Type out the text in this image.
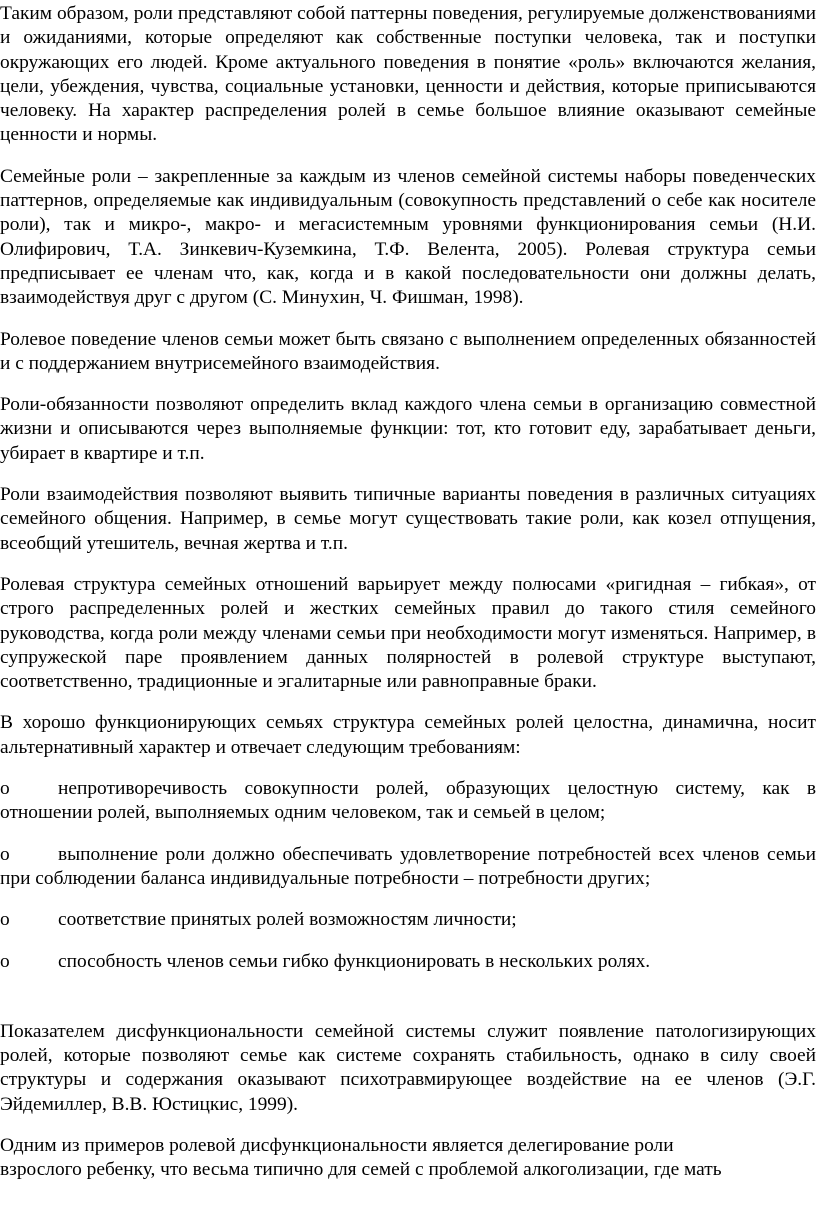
Таким образом, роли представляют собой паттерны поведения, регулируемые долженствованиями и ожиданиями, которые определяют как собственные поступки человека, так и поступки окружающих его людей. Кроме актуального поведения в понятие «роль» включаются желания, цели, убеждения, чувства, социальные установки, ценности и действия, которые приписываются человеку. На характер распределения ролей в семье большое влияние оказывают семейные ценности и нормы.

Семейные роли – закрепленные за каждым из членов семейной системы наборы поведенческих паттернов, определяемые как индивидуальным (совокупность представлений о себе как носителе роли), так и микро-, макро- и мегасистемным уровнями функционирования семьи (Н.И. Олифирович, Т.А. Зинкевич-Куземкина, Т.Ф. Велента, 2005). Ролевая структура семьи предписывает ее членам что, как, когда и в какой последовательности они должны делать, взаимодействуя друг с другом (С. Минухин, Ч. Фишман, 1998).

Ролевое поведение членов семьи может быть связано с выполнением определенных обязанностей и с поддержанием внутрисемейного взаимодействия.

Роли-обязанности позволяют определить вклад каждого члена семьи в организацию совместной жизни и описываются через выполняемые функции: тот, кто готовит еду, зарабатывает деньги, убирает в квартире и т.п.

Роли взаимодействия позволяют выявить типичные варианты поведения в различных ситуациях семейного общения. Например, в семье могут существовать такие роли, как козел отпущения, всеобщий утешитель, вечная жертва и т.п.

Ролевая структура семейных отношений варьирует между полюсами «ригидная – гибкая», от строго распределенных ролей и жестких семейных правил до такого стиля семейного руководства, когда роли между членами семьи при необходимости могут изменяться. Например, в супружеской паре проявлением данных полярностей в ролевой структуре выступают, соответственно, традиционные и эгалитарные или равноправные браки.

В хорошо функционирующих семьях структура семейных ролей целостна, динамична, носит альтернативный характер и отвечает следующим требованиям:

o непротиворечивость совокупности ролей, образующих целостную систему, как в отношении ролей, выполняемых одним человеком, так и семьей в целом;
o выполнение роли должно обеспечивать удовлетворение потребностей всех членов семьи при соблюдении баланса индивидуальные потребности – потребности других;
o соответствие принятых ролей возможностям личности;
o способность членов семьи гибко функционировать в нескольких ролях.

Показателем дисфункциональности семейной системы служит появление патологизирующих ролей, которые позволяют семье как системе сохранять стабильность, однако в силу своей структуры и содержания оказывают психотравмирующее воздействие на ее членов (Э.Г. Эйдемиллер, В.В. Юстицкис, 1999).

Одним из примеров ролевой дисфункциональности является делегирование роли
взрослого ребенку, что весьма типично для семей с проблемой алкоголизации, где мать
